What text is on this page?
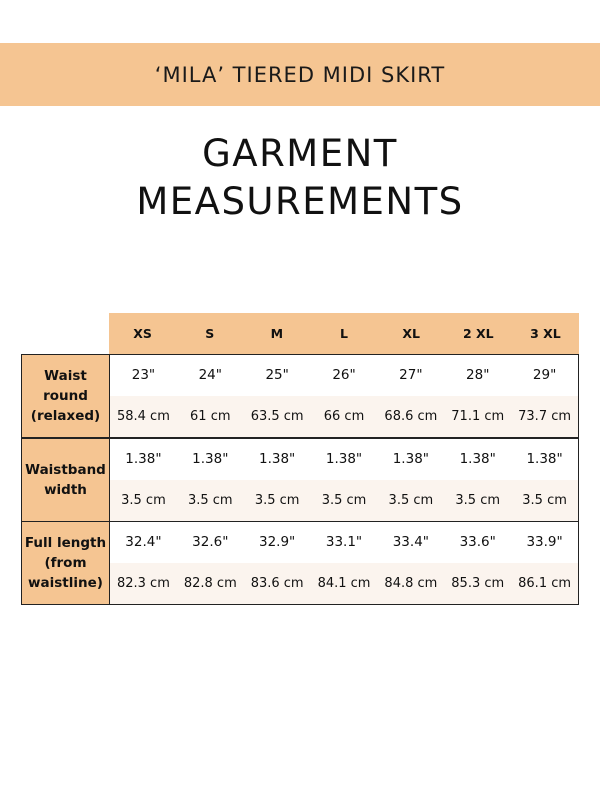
‘MILA’ TIERED MIDI SKIRT
GARMENT
MEASUREMENTS
XS	S	M	L	XL	2 XL	3 XL
Waist round
(relaxed)
23"	24"	25"	26"	27"	28"	29"
58.4 cm	61 cm	63.5 cm	66 cm	68.6 cm	71.1 cm	73.7 cm
Waistband
width
1.38"	1.38"	1.38"	1.38"	1.38"	1.38"	1.38"
3.5 cm	3.5 cm	3.5 cm	3.5 cm	3.5 cm	3.5 cm	3.5 cm
Full length
(from
waistline)
32.4"	32.6"	32.9"	33.1"	33.4"	33.6"	33.9"
82.3 cm	82.8 cm	83.6 cm	84.1 cm	84.8 cm	85.3 cm	86.1 cm
